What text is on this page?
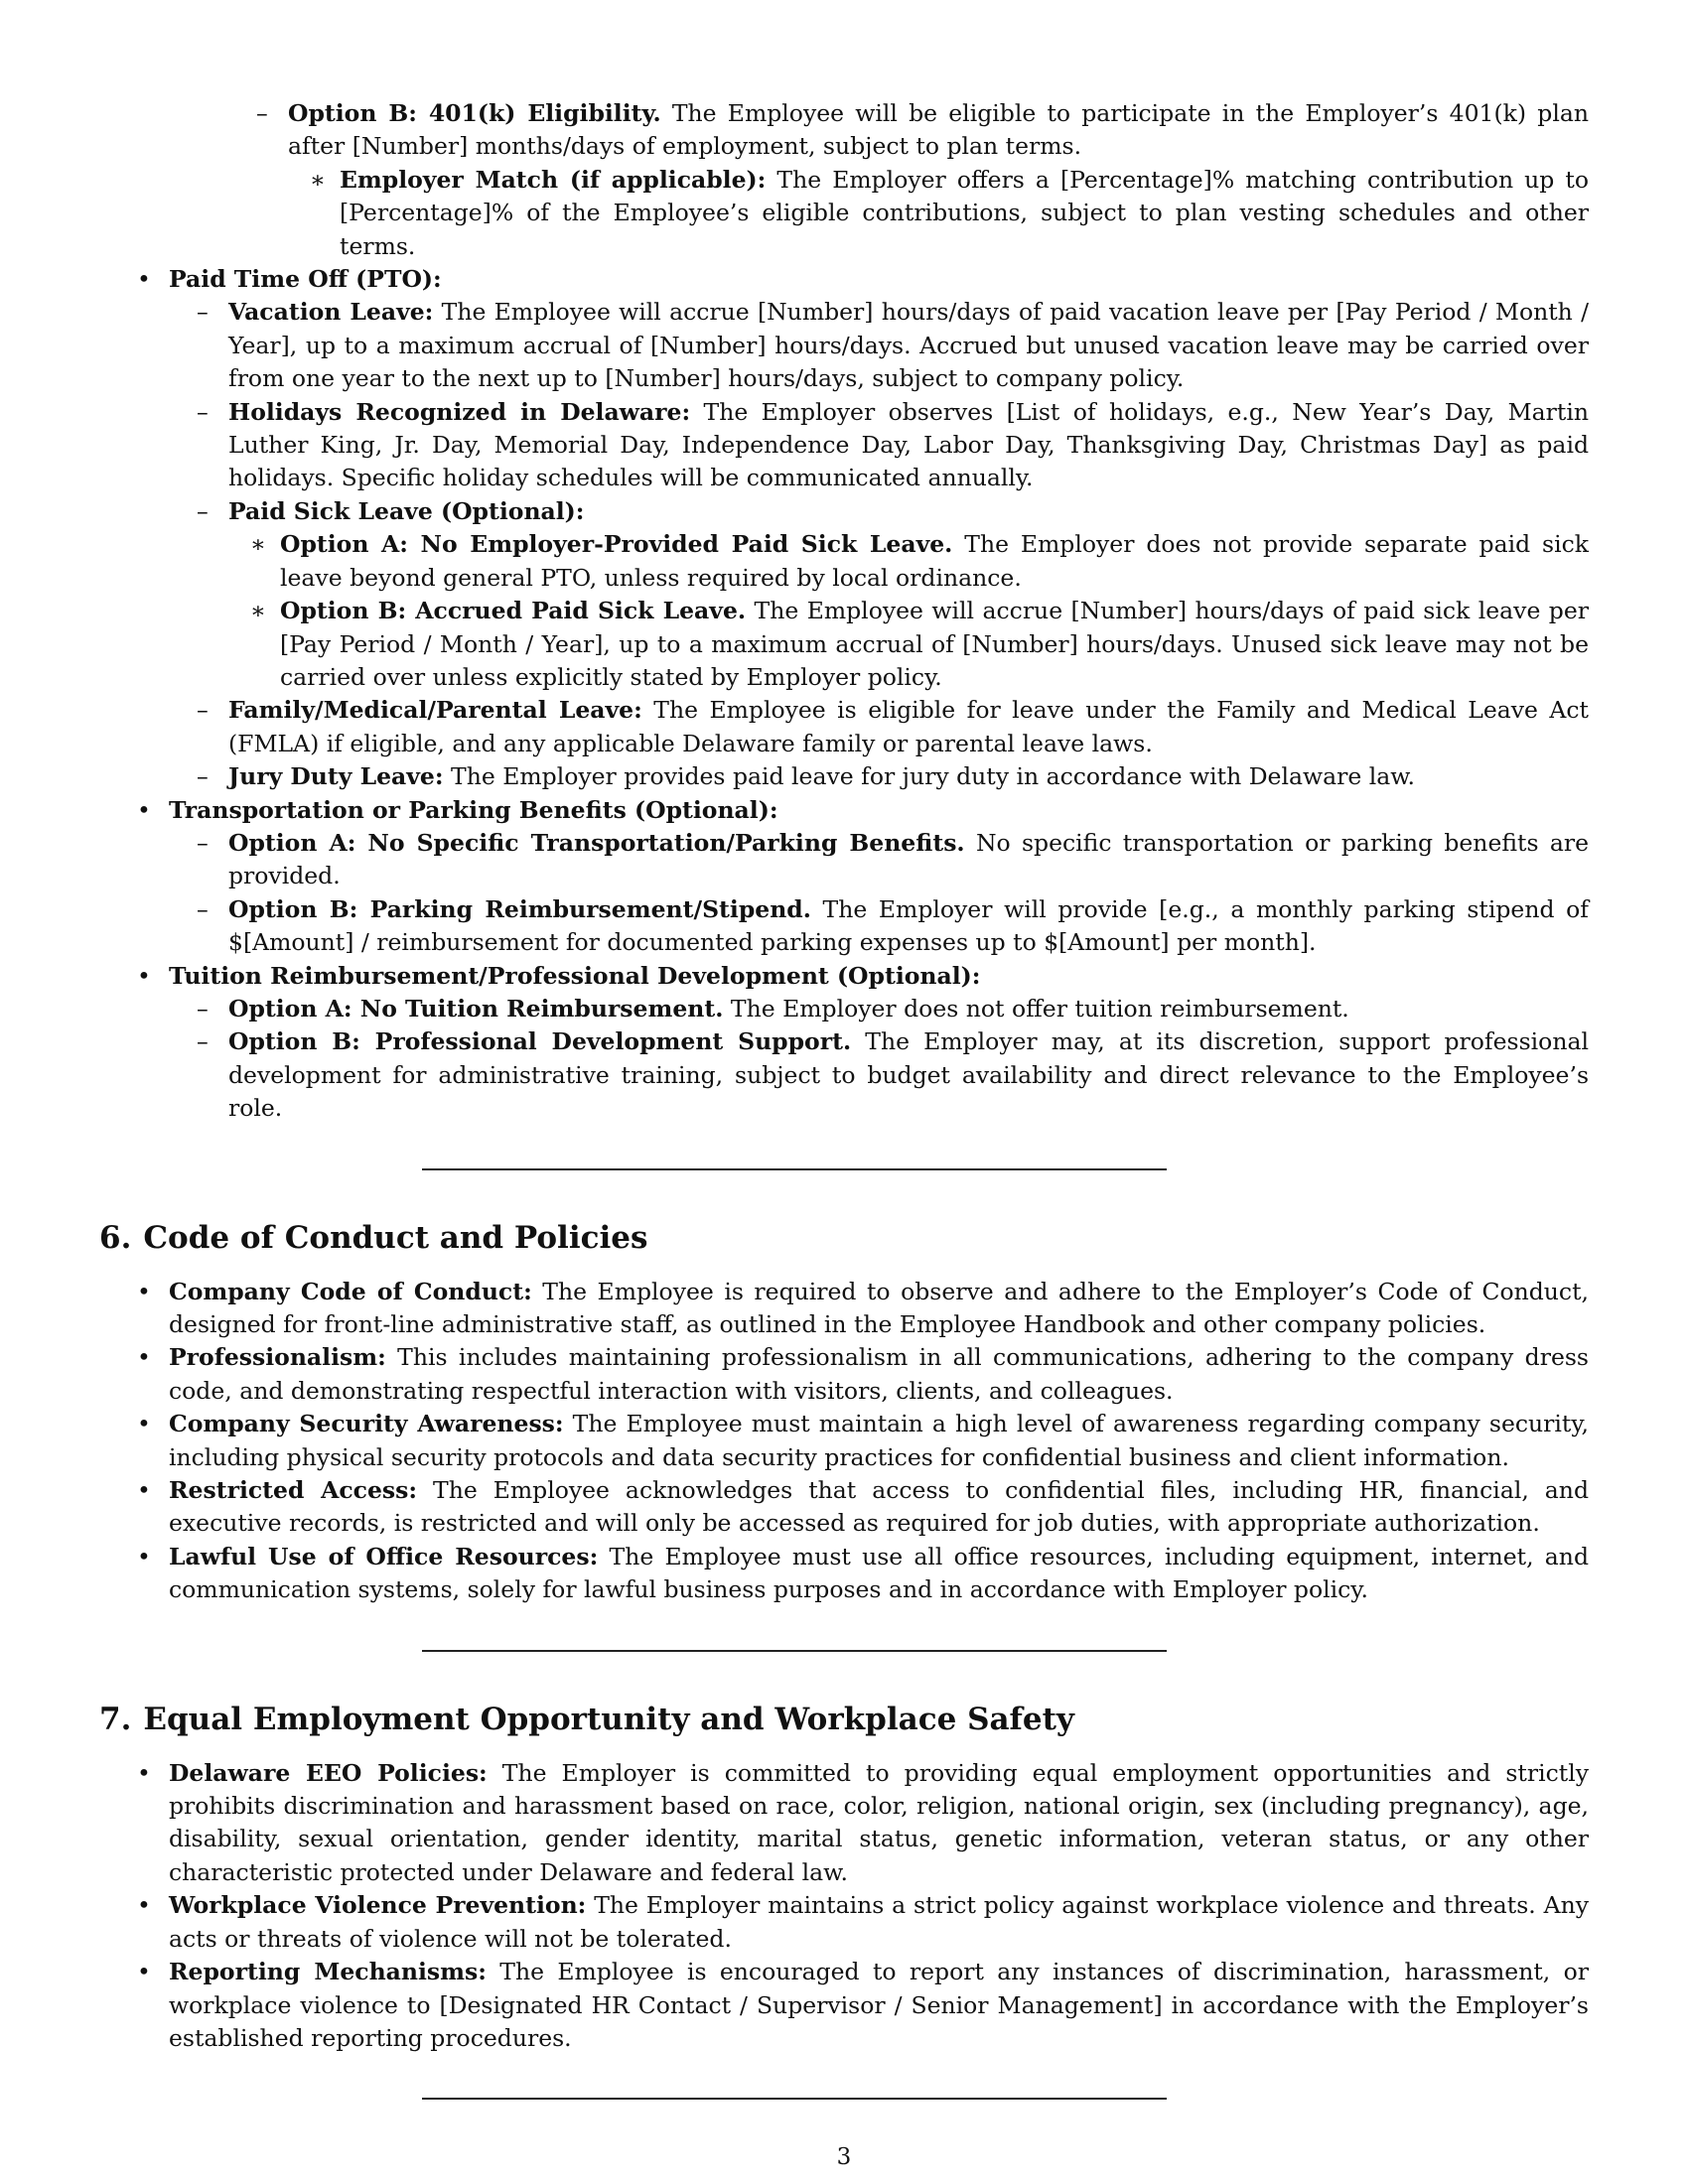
– Option B: 401(k) Eligibility. The Employee will be eligible to participate in the Employer’s 401(k) plan after [Number] months/days of employment, subject to plan terms.
∗ Employer Match (if applicable): The Employer offers a [Percentage]% matching contribution up to [Percentage]% of the Employee’s eligible contributions, subject to plan vesting schedules and other terms.
• Paid Time Off (PTO):
– Vacation Leave: The Employee will accrue [Number] hours/days of paid vacation leave per [Pay Period / Month / Year], up to a maximum accrual of [Number] hours/days. Accrued but unused vacation leave may be carried over from one year to the next up to [Number] hours/days, subject to company policy.
– Holidays Recognized in Delaware: The Employer observes [List of holidays, e.g., New Year’s Day, Martin Luther King, Jr. Day, Memorial Day, Independence Day, Labor Day, Thanksgiving Day, Christmas Day] as paid holidays. Specific holiday schedules will be communicated annually.
– Paid Sick Leave (Optional):
∗ Option A: No Employer-Provided Paid Sick Leave. The Employer does not provide separate paid sick leave beyond general PTO, unless required by local ordinance.
∗ Option B: Accrued Paid Sick Leave. The Employee will accrue [Number] hours/days of paid sick leave per [Pay Period / Month / Year], up to a maximum accrual of [Number] hours/days. Unused sick leave may not be carried over unless explicitly stated by Employer policy.
– Family/Medical/Parental Leave: The Employee is eligible for leave under the Family and Medical Leave Act (FMLA) if eligible, and any applicable Delaware family or parental leave laws.
– Jury Duty Leave: The Employer provides paid leave for jury duty in accordance with Delaware law.
• Transportation or Parking Benefits (Optional):
– Option A: No Specific Transportation/Parking Benefits. No specific transportation or parking benefits are provided.
– Option B: Parking Reimbursement/Stipend. The Employer will provide [e.g., a monthly parking stipend of $[Amount] / reimbursement for documented parking expenses up to $[Amount] per month].
• Tuition Reimbursement/Professional Development (Optional):
– Option A: No Tuition Reimbursement. The Employer does not offer tuition reimbursement.
– Option B: Professional Development Support. The Employer may, at its discretion, support professional development for administrative training, subject to budget availability and direct relevance to the Employee’s role.
6. Code of Conduct and Policies
• Company Code of Conduct: The Employee is required to observe and adhere to the Employer’s Code of Conduct, designed for front-line administrative staff, as outlined in the Employee Handbook and other company policies.
• Professionalism: This includes maintaining professionalism in all communications, adhering to the company dress code, and demonstrating respectful interaction with visitors, clients, and colleagues.
• Company Security Awareness: The Employee must maintain a high level of awareness regarding company security, including physical security protocols and data security practices for confidential business and client information.
• Restricted Access: The Employee acknowledges that access to confidential files, including HR, financial, and executive records, is restricted and will only be accessed as required for job duties, with appropriate authorization.
• Lawful Use of Office Resources: The Employee must use all office resources, including equipment, internet, and communication systems, solely for lawful business purposes and in accordance with Employer policy.
7. Equal Employment Opportunity and Workplace Safety
• Delaware EEO Policies: The Employer is committed to providing equal employment opportunities and strictly prohibits discrimination and harassment based on race, color, religion, national origin, sex (including pregnancy), age, disability, sexual orientation, gender identity, marital status, genetic information, veteran status, or any other characteristic protected under Delaware and federal law.
• Workplace Violence Prevention: The Employer maintains a strict policy against workplace violence and threats. Any acts or threats of violence will not be tolerated.
• Reporting Mechanisms: The Employee is encouraged to report any instances of discrimination, harassment, or workplace violence to [Designated HR Contact / Supervisor / Senior Management] in accordance with the Employer’s established reporting procedures.
3
